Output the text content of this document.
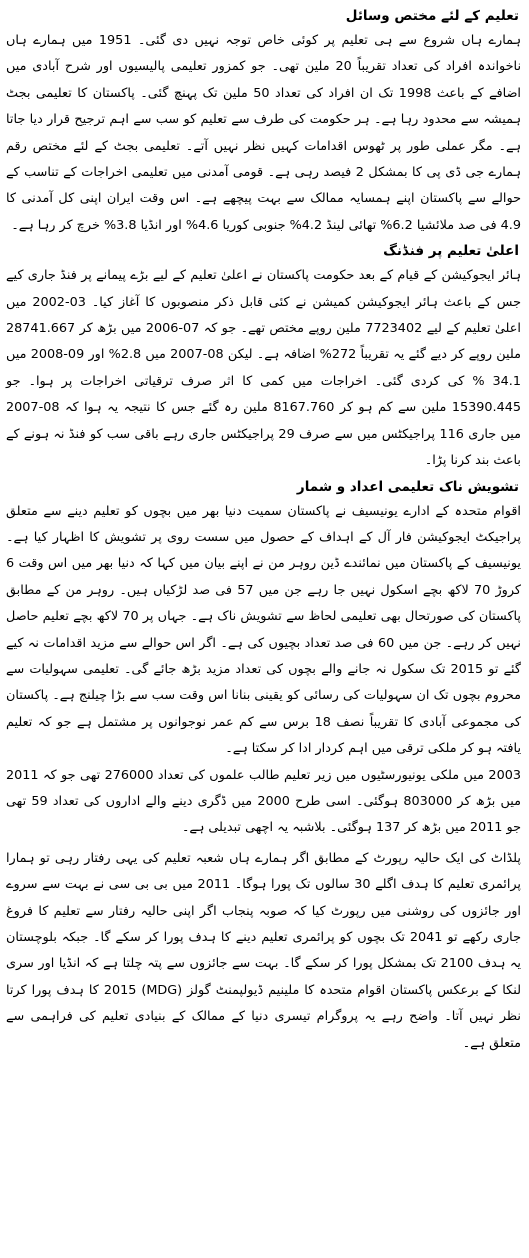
تعلیم کے لئے مختص وسائل

ہمارے ہاں شروع سے ہی تعلیم پر کوئی خاص توجہ نہیں دی گئی۔ 1951 میں ہمارے ہاں ناخواندہ افراد کی تعداد تقریباً 20 ملین تھی۔ جو کمزور تعلیمی پالیسیوں اور شرح آبادی میں اضافے کے باعث 1998 تک ان افراد کی تعداد 50 ملین تک پہنچ گئی۔ پاکستان کا تعلیمی بجٹ ہمیشہ سے محدود رہا ہے۔ ہر حکومت کی طرف سے تعلیم کو سب سے اہم ترجیح قرار دیا جاتا ہے۔ مگر عملی طور پر ٹھوس اقدامات کہیں نظر نہیں آتے۔ تعلیمی بجٹ کے لئے مختص رقم ہمارے جی ڈی پی کا بمشکل 2 فیصد رہی ہے۔ قومی آمدنی میں تعلیمی اخراجات کے تناسب کے حوالے سے پاکستان اپنے ہمسایہ ممالک سے بہت پیچھے ہے۔ اس وقت ایران اپنی کل آمدنی کا 4.9 فی صد ملائشیا 6.2% تھائی لینڈ 4.2% جنوبی کوریا 4.6% اور انڈیا 3.8% خرچ کر رہا ہے۔

اعلیٰ تعلیم پر فنڈنگ

ہائر ایجوکیشن کے قیام کے بعد حکومت پاکستان نے اعلیٰ تعلیم کے لیے بڑے پیمانے پر فنڈ جاری کیے جس کے باعث ہائر ایجوکیشن کمیشن نے کئی قابل ذکر منصوبوں کا آغاز کیا۔ 03-2002 میں اعلیٰ تعلیم کے لیے 7723402 ملین روپے مختص تھے۔ جو کہ 07-2006 میں بڑھ کر 28741.667 ملین روپے کر دیے گئے یہ تقریباً 272% اضافہ ہے۔ لیکن 08-2007 میں 2.8% اور 09-2008 میں 34.1 % کی کردی گئی۔ اخراجات میں کمی کا اثر صرف ترقیاتی اخراجات پر ہوا۔ جو 15390.445 ملین سے کم ہو کر 8167.760 ملین رہ گئے جس کا نتیجہ یہ ہوا کہ 08-2007 میں جاری 116 پراجیکٹس میں سے صرف 29 پراجیکٹس جاری رہے باقی سب کو فنڈ نہ ہونے کے باعث بند کرنا پڑا۔

تشویش ناک تعلیمی اعداد و شمار

اقوام متحدہ کے ادارے یونیسیف نے پاکستان سمیت دنیا بھر میں بچوں کو تعلیم دینے سے متعلق پراجیکٹ ایجوکیشن فار آل کے اہداف کے حصول میں سست روی پر تشویش کا اظہار کیا ہے۔ یونیسیف کے پاکستان میں نمائندے ڈین روہر من نے اپنے بیان میں کہا کہ دنیا بھر میں اس وقت 6 کروڑ 70 لاکھ بچے اسکول نہیں جا رہے جن میں 57 فی صد لڑکیاں ہیں۔ روہر من کے مطابق پاکستان کی صورتحال بھی تعلیمی لحاظ سے تشویش ناک ہے۔ جہاں پر 70 لاکھ بچے تعلیم حاصل نہیں کر رہے۔ جن میں 60 فی صد تعداد بچیوں کی ہے۔ اگر اس حوالے سے مزید اقدامات نہ کیے گئے تو 2015 تک سکول نہ جانے والے بچوں کی تعداد مزید بڑھ جائے گی۔ تعلیمی سہولیات سے محروم بچوں تک ان سہولیات کی رسائی کو یقینی بنانا اس وقت سب سے بڑا چیلنج ہے۔ پاکستان کی مجموعی آبادی کا تقریباً نصف 18 برس سے کم عمر نوجوانوں پر مشتمل ہے جو کہ تعلیم یافتہ ہو کر ملکی ترقی میں اہم کردار ادا کر سکتا ہے۔

2003 میں ملکی یونیورسٹیوں میں زیر تعلیم طالب علموں کی تعداد 276000 تھی جو کہ 2011 میں بڑھ کر 803000 ہوگئی۔ اسی طرح 2000 میں ڈگری دینے والے اداروں کی تعداد 59 تھی جو 2011 میں بڑھ کر 137 ہوگئی۔ بلاشبہ یہ اچھی تبدیلی ہے۔

پلڈاٹ کی ایک حالیہ رپورٹ کے مطابق اگر ہمارے ہاں شعبہ تعلیم کی یہی رفتار رہی تو ہمارا پرائمری تعلیم کا ہدف اگلے 30 سالوں تک پورا ہوگا۔ 2011 میں بی بی سی نے بہت سے سروے اور جائزوں کی روشنی میں رپورٹ کیا کہ صوبہ پنجاب اگر اپنی حالیہ رفتار سے تعلیم کا فروغ جاری رکھے تو 2041 تک بچوں کو پرائمری تعلیم دینے کا ہدف پورا کر سکے گا۔ جبکہ بلوچستان یہ ہدف 2100 تک بمشکل پورا کر سکے گا۔ بہت سے جائزوں سے پتہ چلتا ہے کہ انڈیا اور سری لنکا کے برعکس پاکستان اقوام متحدہ کا ملینیم ڈیولپمنٹ گولز (MDG) 2015 کا ہدف پورا کرتا نظر نہیں آتا۔ واضح رہے یہ پروگرام تیسری دنیا کے ممالک کے بنیادی تعلیم کی فراہمی سے متعلق ہے۔
